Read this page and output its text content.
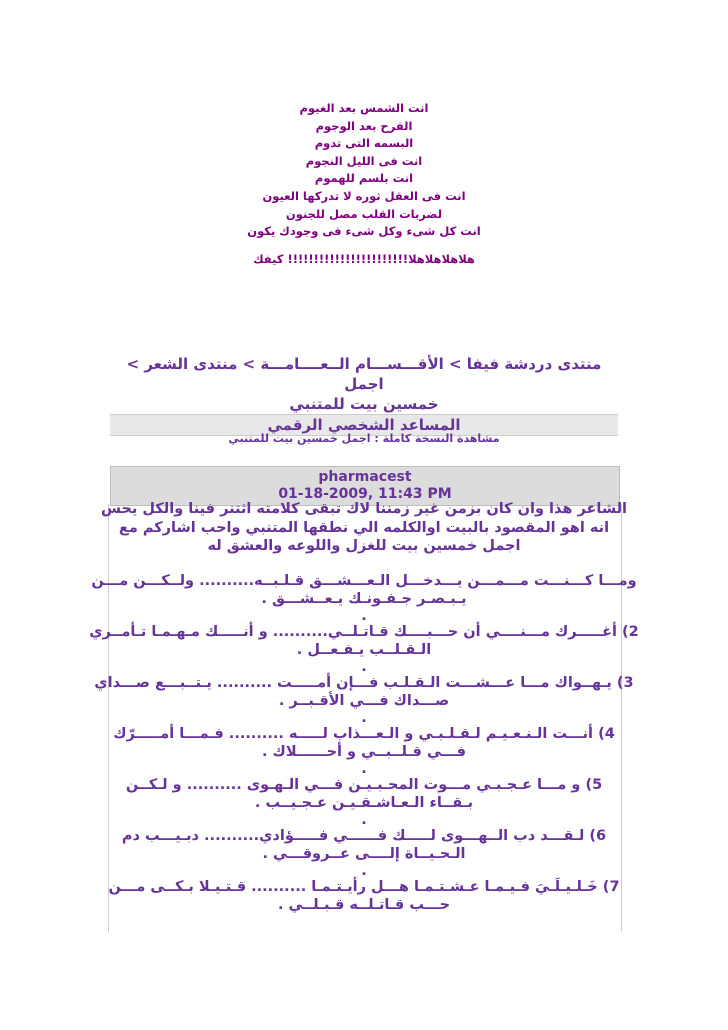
انت الشمس بعد الغيوم
الفرح بعد الوجوم
البسمه التى تدوم
انت فى الليل النجوم
انت بلسم للهموم
انت فى العقل ثوره لا تدركها العيون
لضربات القلب مصل للجنون
انت كل شىء وكل شىء فى وجودك يكون
هلاهلاهلاهلا!!!!!!!!!!!!!!!!!!!!!!! كيفك
منتدى دردشة فيفا > الأقـــســـام الــعــــامـــة > منتدى الشعر > اجمل
خمسين بيت للمتنبي
المساعد الشخصي الرقمي
مشاهدة النسخة كاملة : اجمل خمسين بيت للمتنبي
pharmacest
01-18-2009, 11:43 PM
الشاعر هذا وان كان بزمن غير زمننا لاك تبقى كلامته اثتنر فينا والكل يحس
انه اهو المقصود بالبيت اوالكلمه الي نطقها المتنبي واحب اشاركم مع
اجمل خمسين بيت للغزل واللوعه والعشق له
ومـــا كـــنـــت مـــمـــن يـــدخـــل الـعـــشـــق قـلـبــه.......... ولــكـــن مـــن
يـبـصـر جـفـونـك يـعــشـــق .
.
2) أغـــــرك مـــنــــي أن حـــبــــك قـاتـلــي.......... و أنـــــك مـهـمـا تـأمــري
الـقـلــب يـفـعــل .
.
3) يـهــواك مـــا عـــشـــت الـقـلـب فـــإن أمـــــت .......... يـتــبـــع صـــداي
صـــداك فـــي الأقـبــر .
.
4) أنـــت الـنـعـيـم لـقـلـبـي و الـعـــذاب لـــــه .......... فـمـــا أمـــــرّك
فـــي قـلــبــي و أحــــــلاك .
.
5) و مـــا عـجـبـي مـــوت المحـبـيـن فـــي الـهـوى .......... و لـكــن
بـقــاء الـعـاشـقـيـن عـجـيــب .
.
6) لـقـــد دب الــهـــوى لـــــك فــــــي فـــــؤادي.......... دبـيـــب دم
الـحـيــاة إلــــى عــروقـــي .
.
7) خَـلـيـلَـيَ فـيـمـا عـشـتـمـا هـــل رأيـتـمـا .......... قـتـيـلا بـكــى مـــن
حـــب قـاتـلــه قـبـلــي .
